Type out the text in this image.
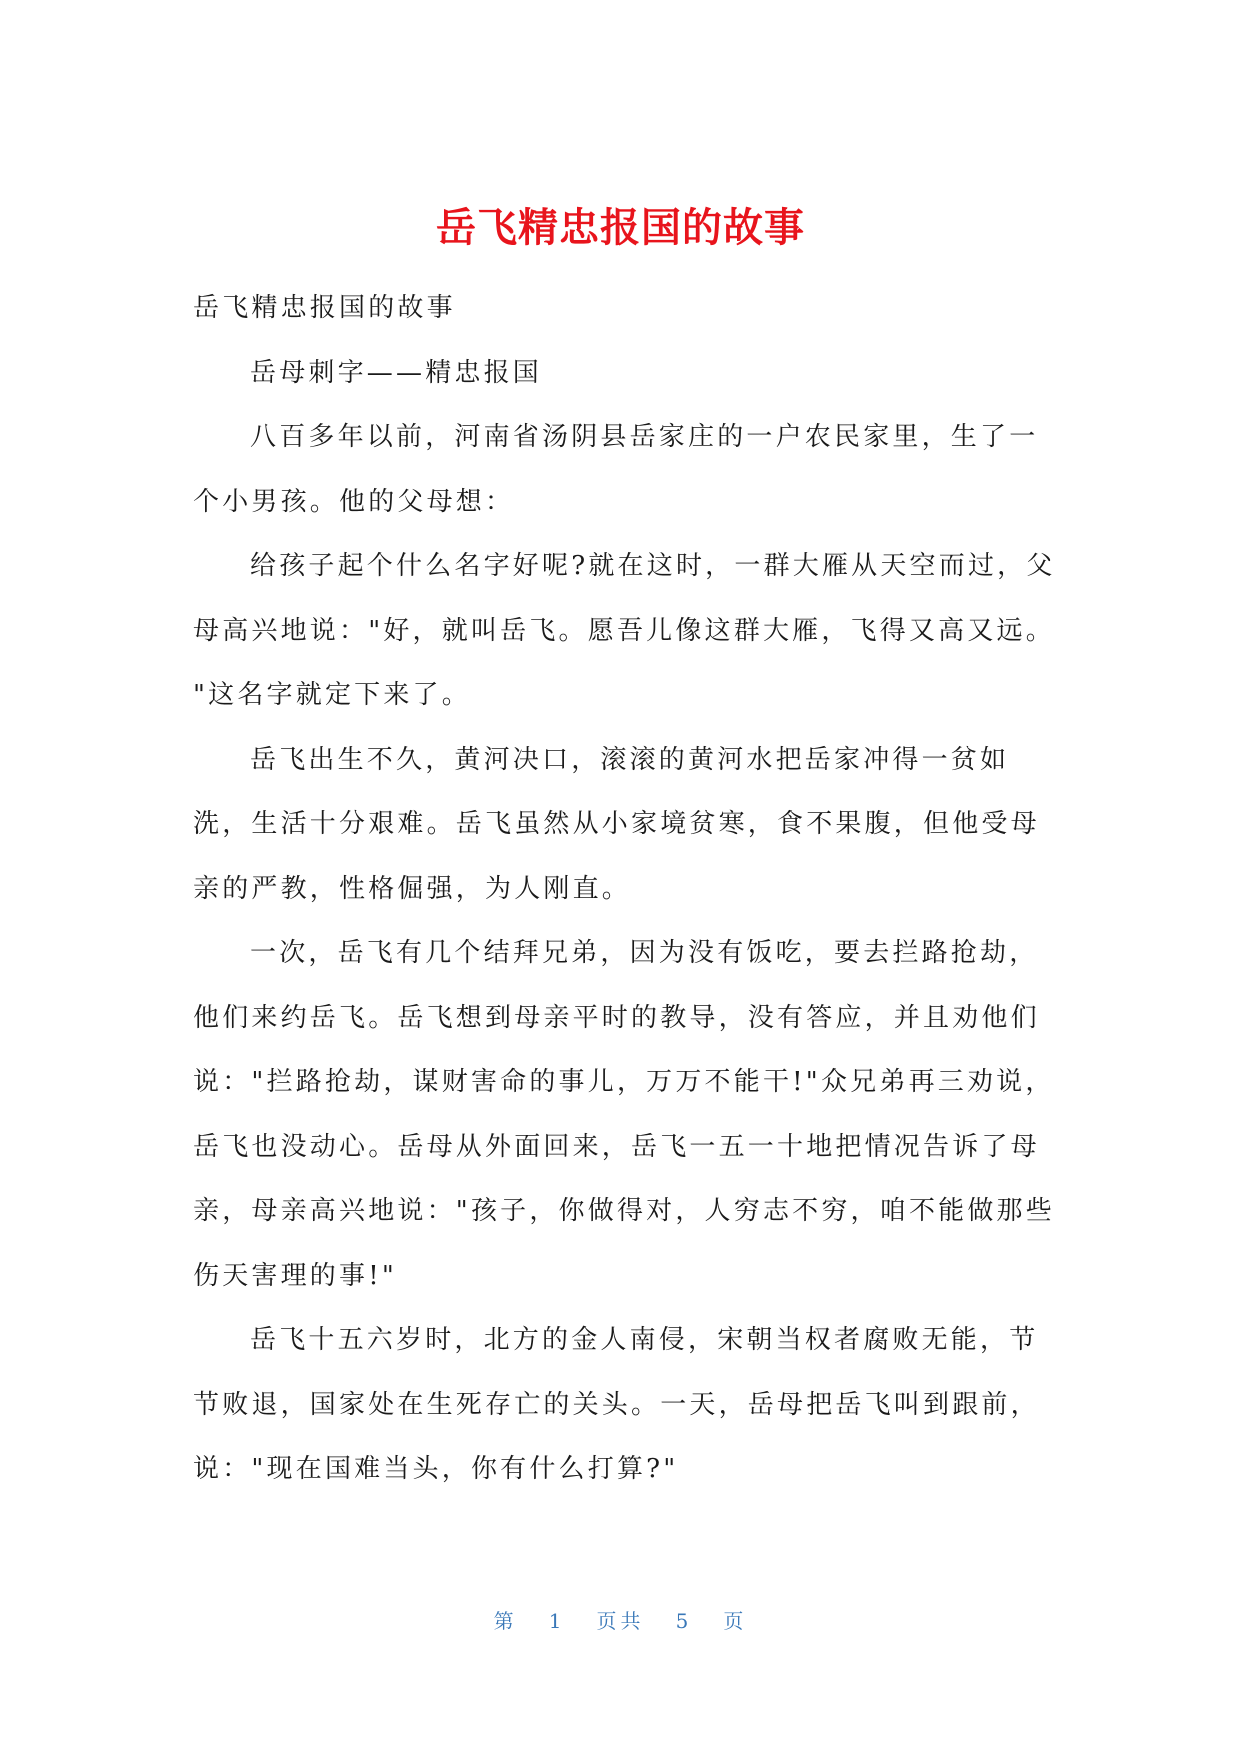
岳飞精忠报国的故事
岳飞精忠报国的故事
岳母刺字——精忠报国
八百多年以前，河南省汤阴县岳家庄的一户农民家里，生了一
个小男孩。他的父母想：
给孩子起个什么名字好呢?就在这时，一群大雁从天空而过，父
母高兴地说："好，就叫岳飞。愿吾儿像这群大雁，飞得又高又远。
"这名字就定下来了。
岳飞出生不久，黄河决口，滚滚的黄河水把岳家冲得一贫如
洗，生活十分艰难。岳飞虽然从小家境贫寒，食不果腹，但他受母
亲的严教，性格倔强，为人刚直。
一次，岳飞有几个结拜兄弟，因为没有饭吃，要去拦路抢劫，
他们来约岳飞。岳飞想到母亲平时的教导，没有答应，并且劝他们
说："拦路抢劫，谋财害命的事儿，万万不能干!"众兄弟再三劝说，
岳飞也没动心。岳母从外面回来，岳飞一五一十地把情况告诉了母
亲，母亲高兴地说："孩子，你做得对，人穷志不穷，咱不能做那些
伤天害理的事!"
岳飞十五六岁时，北方的金人南侵，宋朝当权者腐败无能，节
节败退，国家处在生死存亡的关头。一天，岳母把岳飞叫到跟前，
说："现在国难当头，你有什么打算?"
第 1 页共 5 页
